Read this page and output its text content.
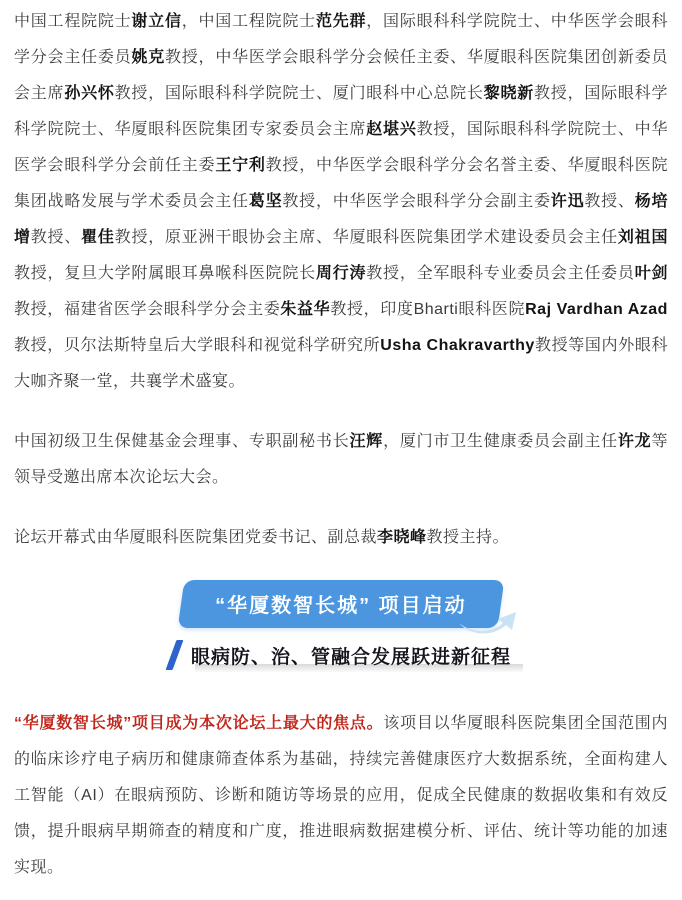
中国工程院院士谢立信，中国工程院院士范先群，国际眼科科学院院士、中华医学会眼科学分会主任委员姚克教授，中华医学会眼科学分会候任主委、华厦眼科医院集团创新委员会主席孙兴怀教授，国际眼科科学院院士、厦门眼科中心总院长黎晓新教授，国际眼科学科学院院士、华厦眼科医院集团专家委员会主席赵堪兴教授，国际眼科科学院院士、中华医学会眼科学分会前任主委王宁利教授，中华医学会眼科学分会名誉主委、华厦眼科医院集团战略发展与学术委员会主任葛坚教授，中华医学会眼科学分会副主委许迅教授、杨培增教授、瞿佳教授，原亚洲干眼协会主席、华厦眼科医院集团学术建设委员会主任刘祖国教授，复旦大学附属眼耳鼻喉科医院院长周行涛教授，全军眼科专业委员会主任委员叶剑教授，福建省医学会眼科学分会主委朱益华教授，印度Bharti眼科医院Raj Vardhan Azad教授，贝尔法斯特皇后大学眼科和视觉科学研究所Usha Chakravarthy教授等国内外眼科大咖齐聚一堂，共襄学术盛宴。

中国初级卫生保健基金会理事、专职副秘书长汪辉，厦门市卫生健康委员会副主任许龙等领导受邀出席本次论坛大会。

论坛开幕式由华厦眼科医院集团党委书记、副总裁李晓峰教授主持。

“华厦数智长城” 项目启动
眼病防、治、管融合发展跃进新征程

“华厦数智长城”项目成为本次论坛上最大的焦点。该项目以华厦眼科医院集团全国范围内的临床诊疗电子病历和健康筛查体系为基础，持续完善健康医疗大数据系统，全面构建人工智能（AI）在眼病预防、诊断和随访等场景的应用，促成全民健康的数据收集和有效反馈，提升眼病早期筛查的精度和广度，推进眼病数据建模分析、评估、统计等功能的加速实现。
